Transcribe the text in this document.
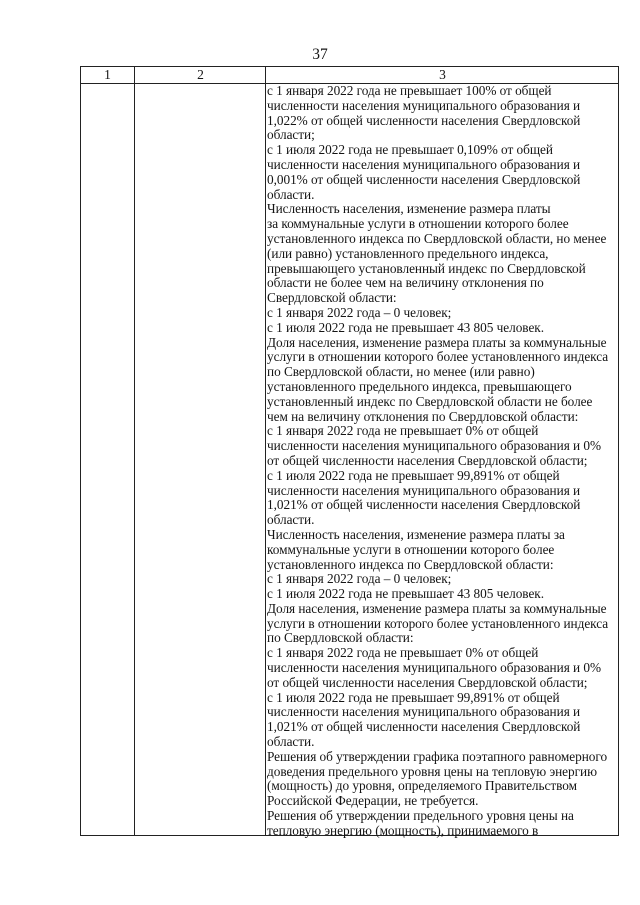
37
1	2	3
с 1 января 2022 года не превышает 100% от общей
численности населения муниципального образования и
1,022% от общей численности населения Свердловской
области;
с 1 июля 2022 года не превышает 0,109% от общей
численности населения муниципального образования и
0,001% от общей численности населения Свердловской
области.
Численность населения, изменение размера платы
за коммунальные услуги в отношении которого более
установленного индекса по Свердловской области, но менее
(или равно) установленного предельного индекса,
превышающего установленный индекс по Свердловской
области не более чем на величину отклонения по
Свердловской области:
с 1 января 2022 года – 0 человек;
с 1 июля 2022 года не превышает 43 805 человек.
Доля населения, изменение размера платы за коммунальные
услуги в отношении которого более установленного индекса
по Свердловской области, но менее (или равно)
установленного предельного индекса, превышающего
установленный индекс по Свердловской области не более
чем на величину отклонения по Свердловской области:
с 1 января 2022 года не превышает 0% от общей
численности населения муниципального образования и 0%
от общей численности населения Свердловской области;
с 1 июля 2022 года не превышает 99,891% от общей
численности населения муниципального образования и
1,021% от общей численности населения Свердловской
области.
Численность населения, изменение размера платы за
коммунальные услуги в отношении которого более
установленного индекса по Свердловской области:
с 1 января 2022 года – 0 человек;
с 1 июля 2022 года не превышает 43 805 человек.
Доля населения, изменение размера платы за коммунальные
услуги в отношении которого более установленного индекса
по Свердловской области:
с 1 января 2022 года не превышает 0% от общей
численности населения муниципального образования и 0%
от общей численности населения Свердловской области;
с 1 июля 2022 года не превышает 99,891% от общей
численности населения муниципального образования и
1,021% от общей численности населения Свердловской
области.
Решения об утверждении графика поэтапного равномерного
доведения предельного уровня цены на тепловую энергию
(мощность) до уровня, определяемого Правительством
Российской Федерации, не требуется.
Решения об утверждении предельного уровня цены на
тепловую энергию (мощность), принимаемого в
